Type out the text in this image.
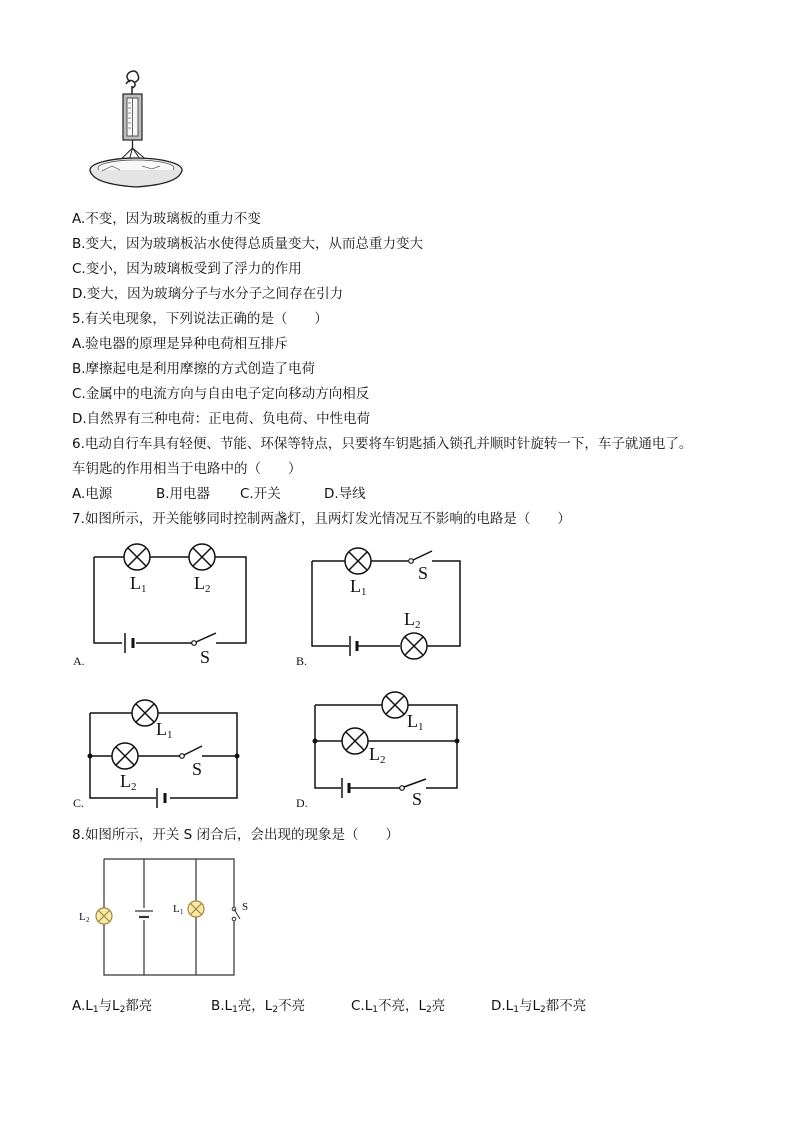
A.不变，因为玻璃板的重力不变
B.变大，因为玻璃板沾水使得总质量变大，从而总重力变大
C.变小，因为玻璃板受到了浮力的作用
D.变大，因为玻璃分子与水分子之间存在引力
5.有关电现象，下列说法正确的是（　　）
A.验电器的原理是异种电荷相互排斥
B.摩擦起电是利用摩擦的方式创造了电荷
C.金属中的电流方向与自由电子定向移动方向相反
D.自然界有三种电荷：正电荷、负电荷、中性电荷
6.电动自行车具有轻便、节能、环保等特点，只要将车钥匙插入锁孔并顺时针旋转一下，车子就通电了。
车钥匙的作用相当于电路中的（　　）
A.电源	B.用电器 C.开关	D.导线
7.如图所示，开关能够同时控制两盏灯，且两灯发光情况互不影响的电路是（　　）
L 1	L 2
S
A.
L 1
L 2
S
B.
L 1
L 2
S
C.
L 1
L 2
S
D.
8.如图所示，开关 S 闭合后，会出现的现象是（　　）
L 2
L 1	S
$A.L_1$与$L_2$都亮	$B.L_1$亮，$L_2$不亮	$C.L_1$不亮，$L_2$亮	$D.L_1$与$L_2$都不亮
